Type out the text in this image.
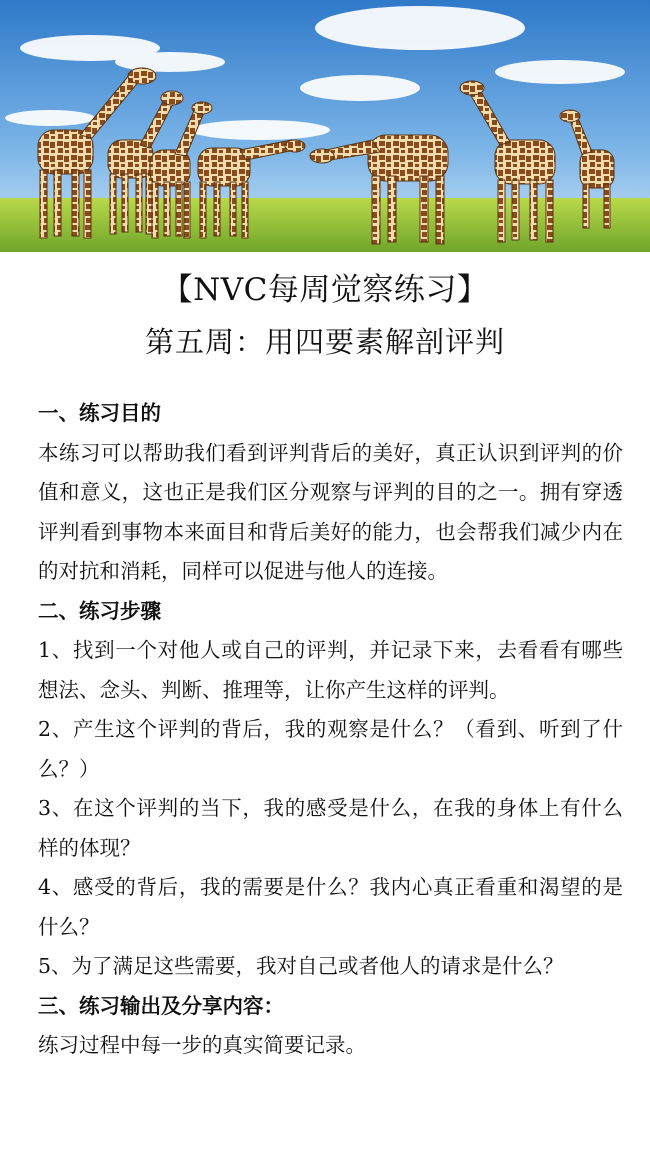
【NVC每周觉察练习】
第五周：用四要素解剖评判

一、练习目的

本练习可以帮助我们看到评判背后的美好，真正认识到评判的价值和意义，这也正是我们区分观察与评判的目的之一。拥有穿透评判看到事物本来面目和背后美好的能力，也会帮我们减少内在的对抗和消耗，同样可以促进与他人的连接。

二、练习步骤

1、找到一个对他人或自己的评判，并记录下来，去看看有哪些想法、念头、判断、推理等，让你产生这样的评判。

2、产生这个评判的背后，我的观察是什么？（看到、听到了什么？）

3、在这个评判的当下，我的感受是什么，在我的身体上有什么样的体现？

4、感受的背后，我的需要是什么？我内心真正看重和渴望的是什么？

5、为了满足这些需要，我对自己或者他人的请求是什么？

三、练习输出及分享内容：

练习过程中每一步的真实简要记录。
